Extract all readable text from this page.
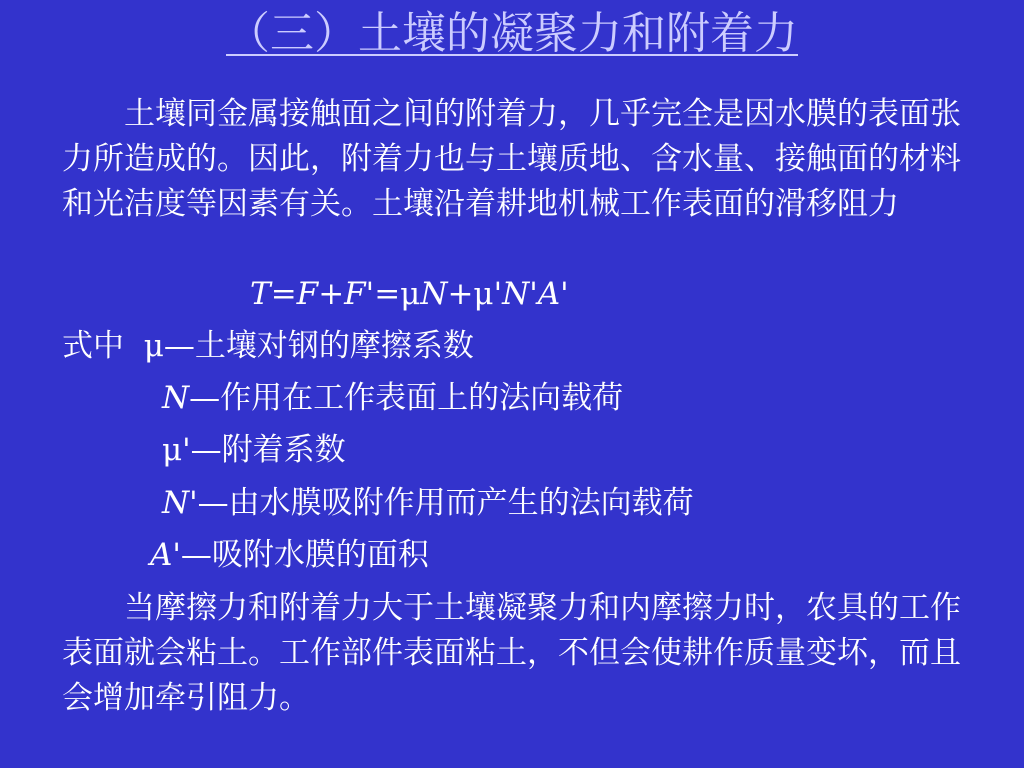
（三）土壤的凝聚力和附着力

土壤同金属接触面之间的附着力，几乎完全是因水膜的表面张力所造成的。因此，附着力也与土壤质地、含水量、接触面的材料和光洁度等因素有关。土壤沿着耕地机械工作表面的滑移阻力

T=F+F'=μN+μ'N'A'
式中 μ—土壤对钢的摩擦系数
N—作用在工作表面上的法向载荷
μ'—附着系数
N'—由水膜吸附作用而产生的法向载荷
A'—吸附水膜的面积

当摩擦力和附着力大于土壤凝聚力和内摩擦力时，农具的工作表面就会粘土。工作部件表面粘土，不但会使耕作质量变坏，而且会增加牵引阻力。
